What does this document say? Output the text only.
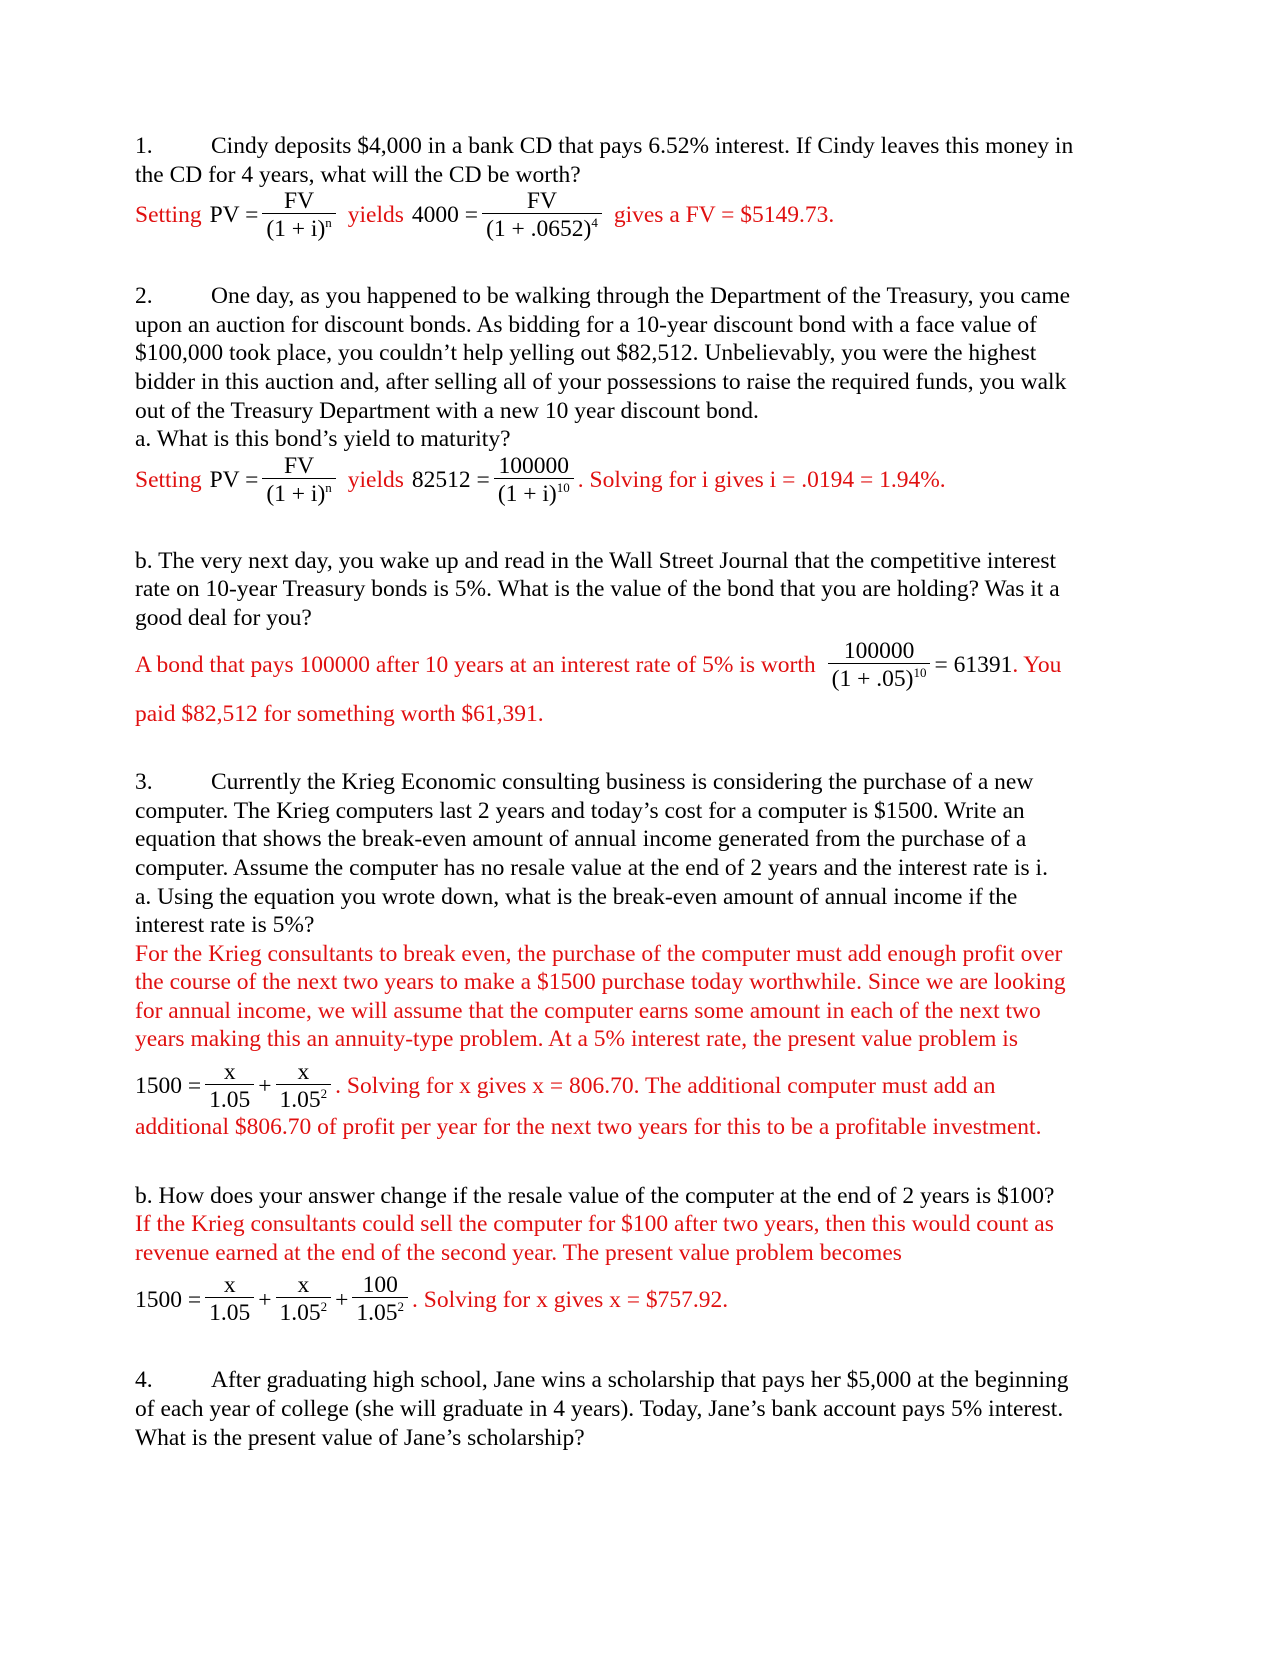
1. Cindy deposits $4,000 in a bank CD that pays 6.52% interest. If Cindy leaves this money in

the CD for 4 years, what will the CD be worth?

Setting PV = $\frac{FV}{(1 + i)^n}$ yields $4000 = \frac{FV}{(1 + .0652)^4}$ gives a FV = $5149.73.

2. One day, as you happened to be walking through the Department of the Treasury, you came

upon an auction for discount bonds. As bidding for a 10-year discount bond with a face value of

$100,000 took place, you couldn’t help yelling out $82,512. Unbelievably, you were the highest

bidder in this auction and, after selling all of your possessions to raise the required funds, you walk

out of the Treasury Department with a new 10 year discount bond.

a. What is this bond’s yield to maturity?

Setting PV = $\frac{FV}{(1 + i)^n}$ yields $82512 = \frac{100000}{(1 + i)^{10}}$ . Solving for i gives i = .0194 = 1.94%.

b. The very next day, you wake up and read in the Wall Street Journal that the competitive interest

rate on 10-year Treasury bonds is 5%. What is the value of the bond that you are holding? Was it a

good deal for you?

A bond that pays 100000 after 10 years at an interest rate of 5% is worth $\frac{100000}{(1 + .05)^{10}} = 61391$ . You

paid $82,512 for something worth $61,391.

3. Currently the Krieg Economic consulting business is considering the purchase of a new

computer. The Krieg computers last 2 years and today’s cost for a computer is $1500. Write an

equation that shows the break-even amount of annual income generated from the purchase of a

computer. Assume the computer has no resale value at the end of 2 years and the interest rate is i.

a. Using the equation you wrote down, what is the break-even amount of annual income if the

interest rate is 5%?

For the Krieg consultants to break even, the purchase of the computer must add enough profit over

the course of the next two years to make a $1500 purchase today worthwhile. Since we are looking

for annual income, we will assume that the computer earns some amount in each of the next two

years making this an annuity-type problem. At a 5% interest rate, the present value problem is

$1500 = \frac{x}{1.05} + \frac{x}{1.05^2}$ . Solving for x gives x = 806.70. The additional computer must add an

additional $806.70 of profit per year for the next two years for this to be a profitable investment.

b. How does your answer change if the resale value of the computer at the end of 2 years is $100?

If the Krieg consultants could sell the computer for $100 after two years, then this would count as

revenue earned at the end of the second year. The present value problem becomes

$1500 = \frac{x}{1.05} + \frac{x}{1.05^2} + \frac{100}{1.05^2}$ . Solving for x gives x = $757.92.

4. After graduating high school, Jane wins a scholarship that pays her $5,000 at the beginning

of each year of college (she will graduate in 4 years). Today, Jane’s bank account pays 5% interest.

What is the present value of Jane’s scholarship?
